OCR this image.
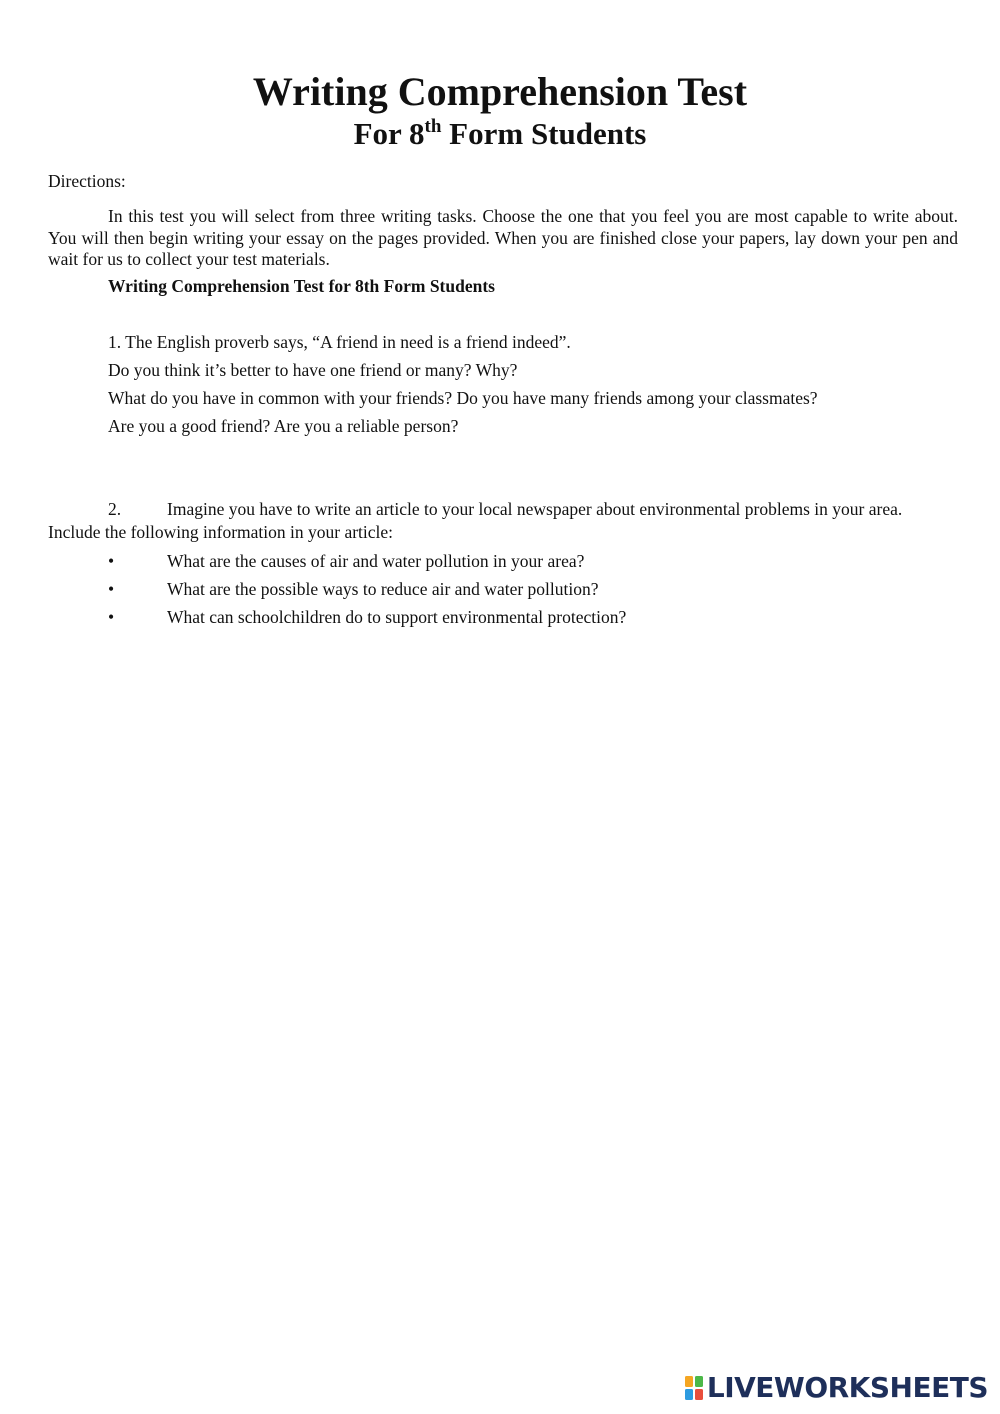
Writing Comprehension Test
For 8th Form Students
Directions:

In this test you will select from three writing tasks. Choose the one that you feel you are most capable to write about. You will then begin writing your essay on the pages provided. When you are finished close your papers, lay down your pen and wait for us to collect your test materials.

Writing Comprehension Test for 8th Form Students
1. The English proverb says, “A friend in need is a friend indeed”.
Do you think it’s better to have one friend or many? Why?
What do you have in common with your friends? Do you have many friends among your classmates?
Are you a good friend? Are you a reliable person?

2.	Imagine you have to write an article to your local newspaper about environmental problems in your area. Include the following information in your article:

•	What are the causes of air and water pollution in your area?
•	What are the possible ways to reduce air and water pollution?
•	What can schoolchildren do to support environmental protection?
LIVEWORKSHEETS
